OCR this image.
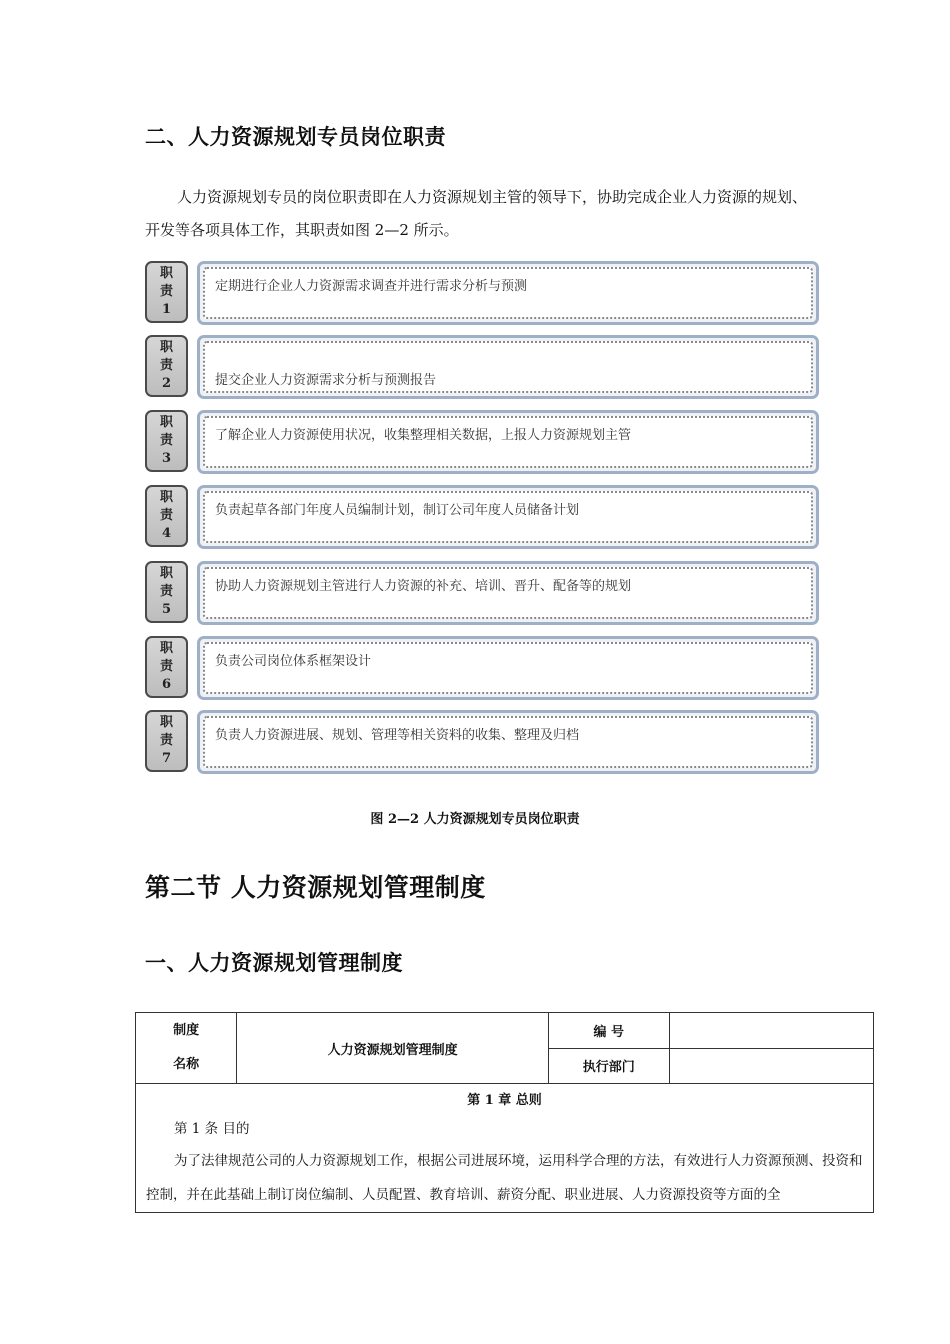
二、人力资源规划专员岗位职责
人力资源规划专员的岗位职责即在人力资源规划主管的领导下，协助完成企业人力资源的规划、开发等各项具体工作，其职责如图 2—2 所示。
职
责
1
定期进行企业人力资源需求调查并进行需求分析与预测
职
责
2	提交企业人力资源需求分析与预测报告
职
责
3
了解企业人力资源使用状况，收集整理相关数据，上报人力资源规划主管
职
责
4
负责起草各部门年度人员编制计划，制订公司年度人员储备计划
职
责
5
协助人力资源规划主管进行人力资源的补充、培训、晋升、配备等的规划
职
责
6
负责公司岗位体系框架设计
职
责
7
负责人力资源进展、规划、管理等相关资料的收集、整理及归档
图 2—2 人力资源规划专员岗位职责
第二节 人力资源规划管理制度
一、人力资源规划管理制度
制度
名称	人力资源规划管理制度	编 号	
		执行部门	

第 1 章 总则
第 1 条 目的
为了法律规范公司的人力资源规划工作，根据公司进展环境，运用科学合理的方法，有效进行人力资源预测、投资和控制，并在此基础上制订岗位编制、人员配置、教育培训、薪资分配、职业进展、人力资源投资等方面的全			
